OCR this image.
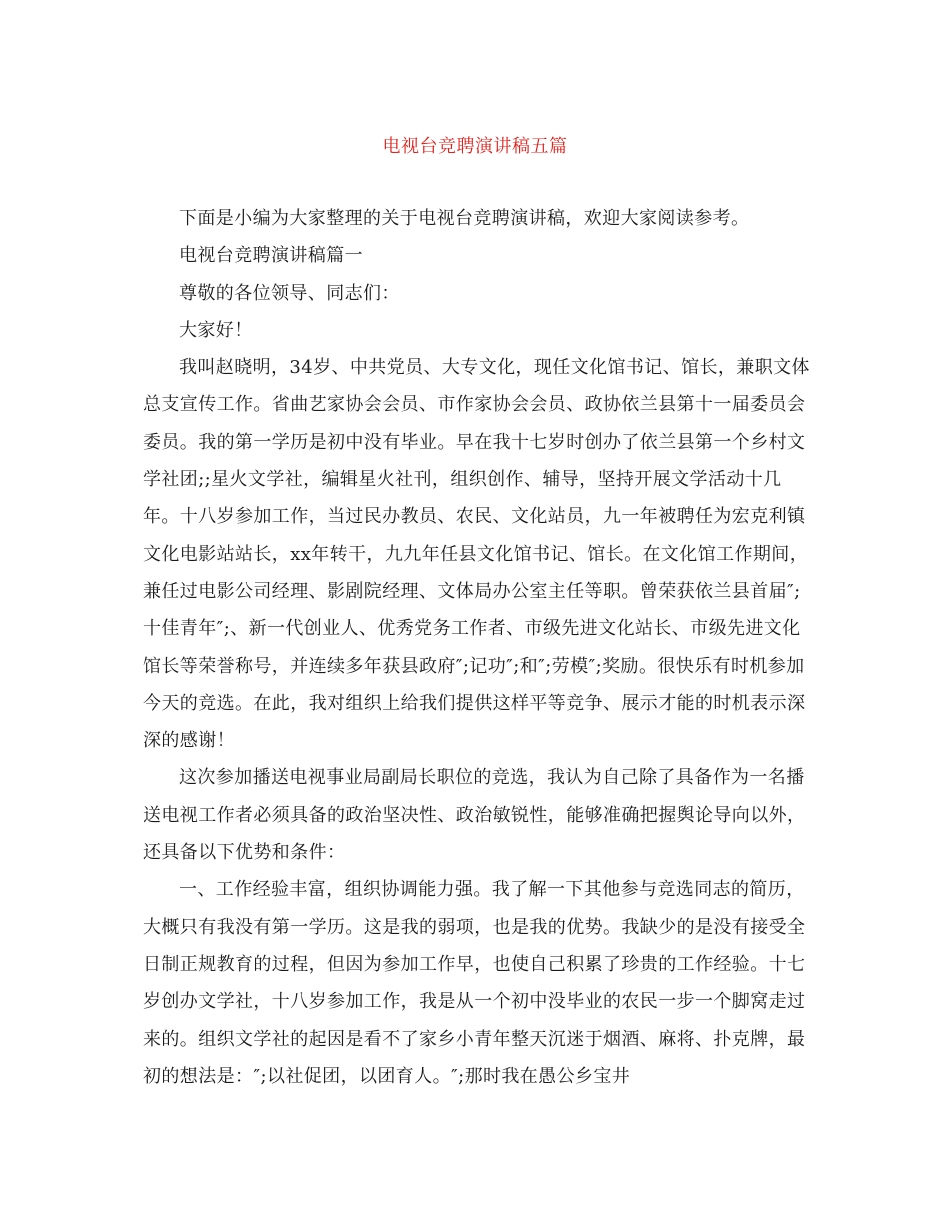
电视台竞聘演讲稿五篇

下面是小编为大家整理的关于电视台竞聘演讲稿，欢迎大家阅读参考。

电视台竞聘演讲稿篇一

尊敬的各位领导、同志们：

大家好！

我叫赵晓明，34岁、中共党员、大专文化，现任文化馆书记、馆长，兼职文体总支宣传工作。省曲艺家协会会员、市作家协会会员、政协依兰县第十一届委员会委员。我的第一学历是初中没有毕业。早在我十七岁时创办了依兰县第一个乡村文学社团;;星火文学社，编辑星火社刊，组织创作、辅导，坚持开展文学活动十几年。十八岁参加工作，当过民办教员、农民、文化站员，九一年被聘任为宏克利镇文化电影站站长，xx年转干，九九年任县文化馆书记、馆长。在文化馆工作期间，兼任过电影公司经理、影剧院经理、文体局办公室主任等职。曾荣获依兰县首届″;十佳青年″;、新一代创业人、优秀党务工作者、市级先进文化站长、市级先进文化馆长等荣誉称号，并连续多年获县政府″;记功″;和″;劳模″;奖励。很快乐有时机参加今天的竞选。在此，我对组织上给我们提供这样平等竞争、展示才能的时机表示深深的感谢！

这次参加播送电视事业局副局长职位的竞选，我认为自己除了具备作为一名播送电视工作者必须具备的政治坚决性、政治敏锐性，能够准确把握舆论导向以外，还具备以下优势和条件：

一、工作经验丰富，组织协调能力强。我了解一下其他参与竞选同志的简历，大概只有我没有第一学历。这是我的弱项，也是我的优势。我缺少的是没有接受全日制正规教育的过程，但因为参加工作早，也使自己积累了珍贵的工作经验。十七岁创办文学社，十八岁参加工作，我是从一个初中没毕业的农民一步一个脚窝走过来的。组织文学社的起因是看不了家乡小青年整天沉迷于烟酒、麻将、扑克牌，最初的想法是：″;以社促团，以团育人。″;那时我在愚公乡宝井
